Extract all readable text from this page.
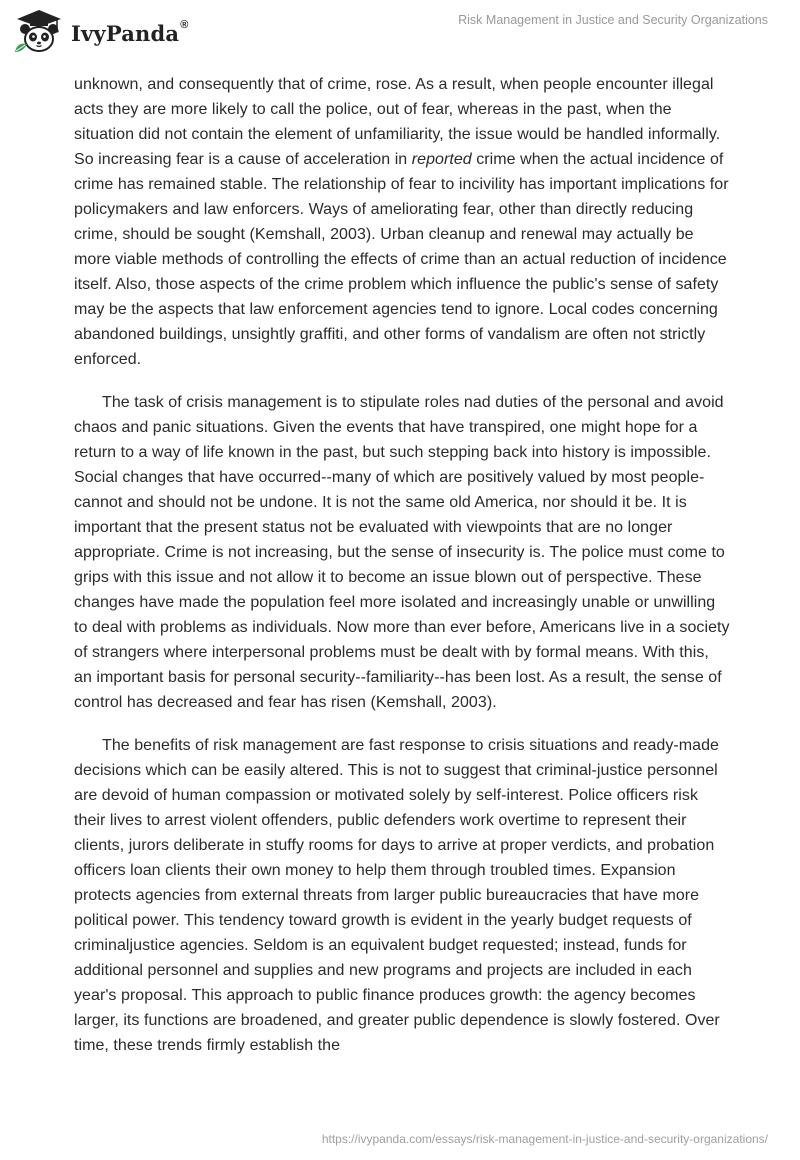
IvyPanda®	Risk Management in Justice and Security Organizations

unknown, and consequently that of crime, rose. As a result, when people encounter illegal acts they are more likely to call the police, out of fear, whereas in the past, when the situation did not contain the element of unfamiliarity, the issue would be handled informally. So increasing fear is a cause of acceleration in reported crime when the actual incidence of crime has remained stable. The relationship of fear to incivility has important implications for policymakers and law enforcers. Ways of ameliorating fear, other than directly reducing crime, should be sought (Kemshall, 2003). Urban cleanup and renewal may actually be more viable methods of controlling the effects of crime than an actual reduction of incidence itself. Also, those aspects of the crime problem which influence the public's sense of safety may be the aspects that law enforcement agencies tend to ignore. Local codes concerning abandoned buildings, unsightly graffiti, and other forms of vandalism are often not strictly enforced.

The task of crisis management is to stipulate roles nad duties of the personal and avoid chaos and panic situations. Given the events that have transpired, one might hope for a return to a way of life known in the past, but such stepping back into history is impossible. Social changes that have occurred--many of which are positively valued by most people-cannot and should not be undone. It is not the same old America, nor should it be. It is important that the present status not be evaluated with viewpoints that are no longer appropriate. Crime is not increasing, but the sense of insecurity is. The police must come to grips with this issue and not allow it to become an issue blown out of perspective. These changes have made the population feel more isolated and increasingly unable or unwilling to deal with problems as individuals. Now more than ever before, Americans live in a society of strangers where interpersonal problems must be dealt with by formal means. With this, an important basis for personal security--familiarity--has been lost. As a result, the sense of control has decreased and fear has risen (Kemshall, 2003).

The benefits of risk management are fast response to crisis situations and ready-made decisions which can be easily altered. This is not to suggest that criminal-justice personnel are devoid of human compassion or motivated solely by self-interest. Police officers risk their lives to arrest violent offenders, public defenders work overtime to represent their clients, jurors deliberate in stuffy rooms for days to arrive at proper verdicts, and probation officers loan clients their own money to help them through troubled times. Expansion protects agencies from external threats from larger public bureaucracies that have more political power. This tendency toward growth is evident in the yearly budget requests of criminaljustice agencies. Seldom is an equivalent budget requested; instead, funds for additional personnel and supplies and new programs and projects are included in each year's proposal. This approach to public finance produces growth: the agency becomes larger, its functions are broadened, and greater public dependence is slowly fostered. Over time, these trends firmly establish the

https://ivypanda.com/essays/risk-management-in-justice-and-security-organizations/
